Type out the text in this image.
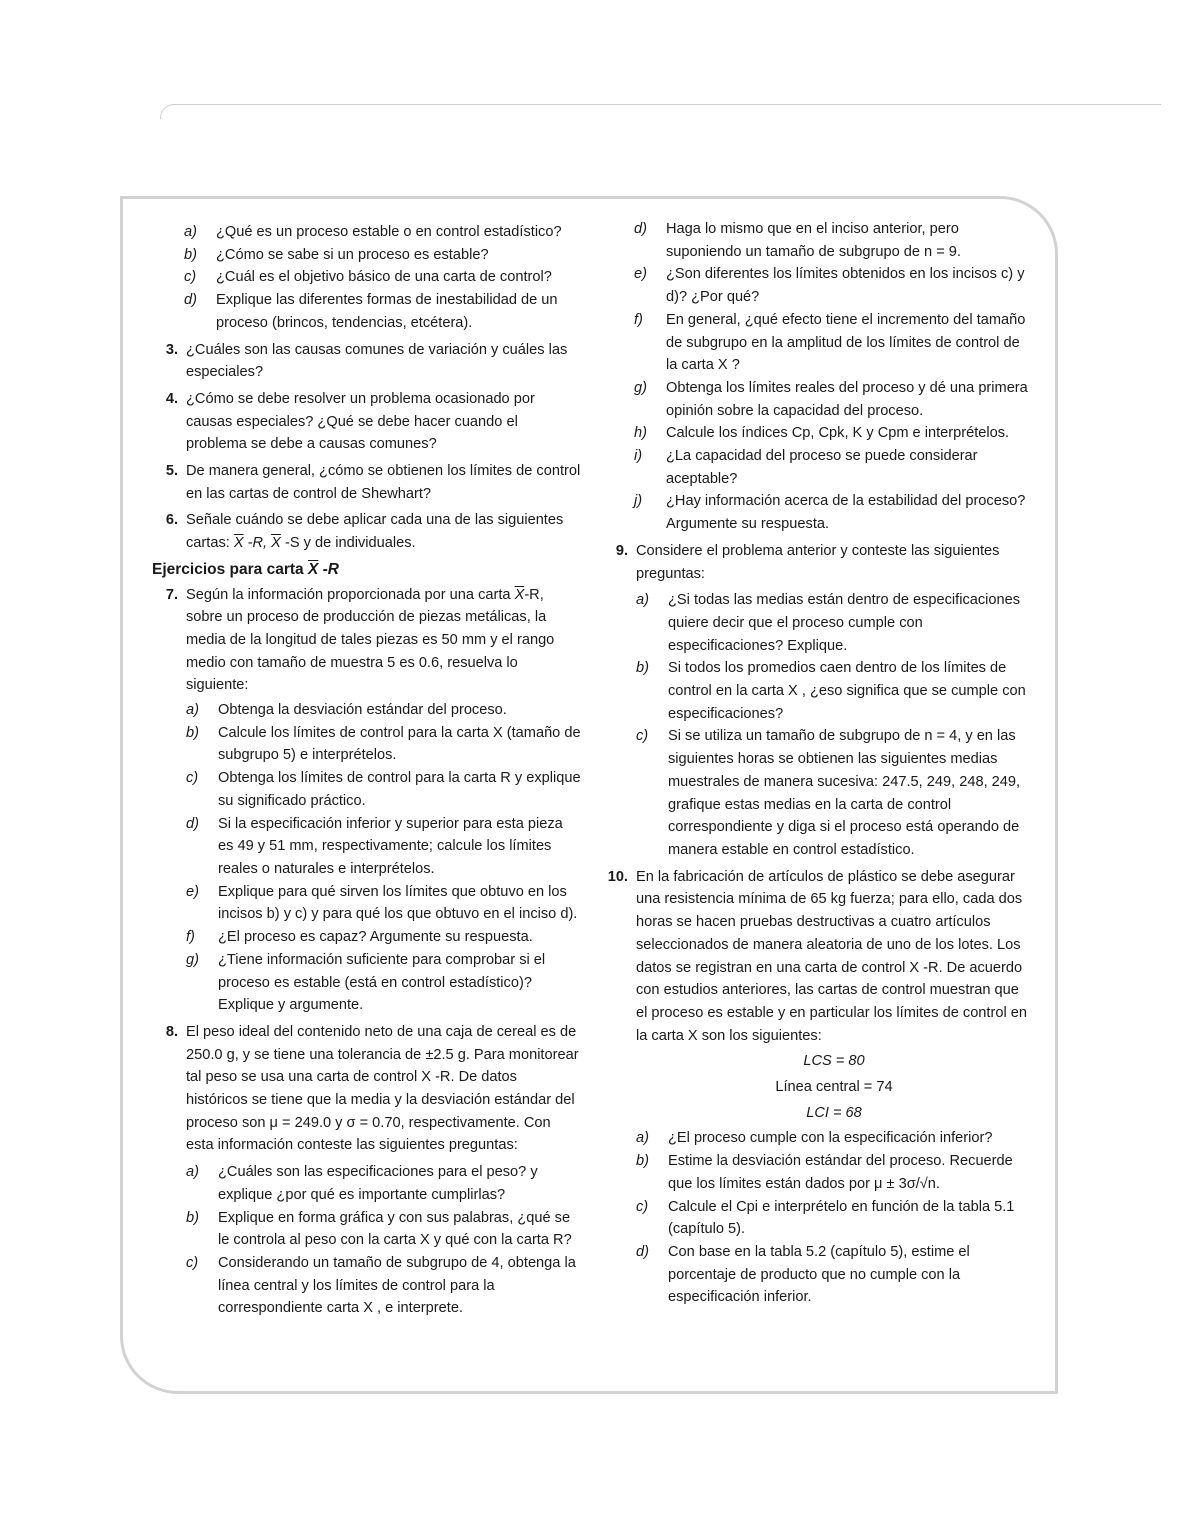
a) ¿Qué es un proceso estable o en control estadístico?
b) ¿Cómo se sabe si un proceso es estable?
c) ¿Cuál es el objetivo básico de una carta de control?
d) Explique las diferentes formas de inestabilidad de un proceso (brincos, tendencias, etcétera).
3. ¿Cuáles son las causas comunes de variación y cuáles las especiales?
4. ¿Cómo se debe resolver un problema ocasionado por causas especiales? ¿Qué se debe hacer cuando el problema se debe a causas comunes?
5. De manera general, ¿cómo se obtienen los límites de control en las cartas de control de Shewhart?
6. Señale cuándo se debe aplicar cada una de las siguientes cartas: $\overline{X}$ -R, $\overline{X}$ -S y de individuales.
Ejercicios para carta $\overline{X}$ -R
7. Según la información proporcionada por una carta $\overline{X}-R$, sobre un proceso de producción de piezas metálicas, la media de la longitud de tales piezas es 50 mm y el rango medio con tamaño de muestra 5 es 0.6, resuelva lo siguiente:
a) Obtenga la desviación estándar del proceso.
b) Calcule los límites de control para la carta X (tamaño de subgrupo 5) e interprételos.
c) Obtenga los límites de control para la carta R y explique su significado práctico.
d) Si la especificación inferior y superior para esta pieza es 49 y 51 mm, respectivamente; calcule los límites reales o naturales e interprételos.
e) Explique para qué sirven los límites que obtuvo en los incisos b) y c) y para qué los que obtuvo en el inciso d).
f) ¿El proceso es capaz? Argumente su respuesta.
g) ¿Tiene información suficiente para comprobar si el proceso es estable (está en control estadístico)? Explique y argumente.
8. El peso ideal del contenido neto de una caja de cereal es de 250.0 g, y se tiene una tolerancia de ±2.5 g. Para monitorear tal peso se usa una carta de control X -R. De datos históricos se tiene que la media y la desviación estándar del proceso son μ = 249.0 y σ = 0.70, respectivamente. Con esta información conteste las siguientes preguntas:
a) ¿Cuáles son las especificaciones para el peso? y explique ¿por qué es importante cumplirlas?
b) Explique en forma gráfica y con sus palabras, ¿qué se le controla al peso con la carta X y qué con la carta R?
c) Considerando un tamaño de subgrupo de 4, obtenga la línea central y los límites de control para la correspondiente carta X , e interprete.
d) Haga lo mismo que en el inciso anterior, pero suponiendo un tamaño de subgrupo de n = 9.
e) ¿Son diferentes los límites obtenidos en los incisos c) y d)? ¿Por qué?
f) En general, ¿qué efecto tiene el incremento del tamaño de subgrupo en la amplitud de los límites de control de la carta X ?
g) Obtenga los límites reales del proceso y dé una primera opinión sobre la capacidad del proceso.
h) Calcule los índices Cp, Cpk, K y Cpm e interprételos.
i) ¿La capacidad del proceso se puede considerar aceptable?
j) ¿Hay información acerca de la estabilidad del proceso? Argumente su respuesta.
9. Considere el problema anterior y conteste las siguientes preguntas:
a) ¿Si todas las medias están dentro de especificaciones quiere decir que el proceso cumple con especificaciones? Explique.
b) Si todos los promedios caen dentro de los límites de control en la carta X , ¿eso significa que se cumple con especificaciones?
c) Si se utiliza un tamaño de subgrupo de n = 4, y en las siguientes horas se obtienen las siguientes medias muestrales de manera sucesiva: 247.5, 249, 248, 249, grafique estas medias en la carta de control correspondiente y diga si el proceso está operando de manera estable en control estadístico.
10. En la fabricación de artículos de plástico se debe asegurar una resistencia mínima de 65 kg fuerza; para ello, cada dos horas se hacen pruebas destructivas a cuatro artículos seleccionados de manera aleatoria de uno de los lotes. Los datos se registran en una carta de control X -R. De acuerdo con estudios anteriores, las cartas de control muestran que el proceso es estable y en particular los límites de control en la carta X son los siguientes:
LCS = 80
Línea central = 74
LCI = 68
a) ¿El proceso cumple con la especificación inferior?
b) Estime la desviación estándar del proceso. Recuerde que los límites están dados por μ ± 3σ/√n.
c) Calcule el Cpi e interprételo en función de la tabla 5.1 (capítulo 5).
d) Con base en la tabla 5.2 (capítulo 5), estime el porcentaje de producto que no cumple con la especificación inferior.
